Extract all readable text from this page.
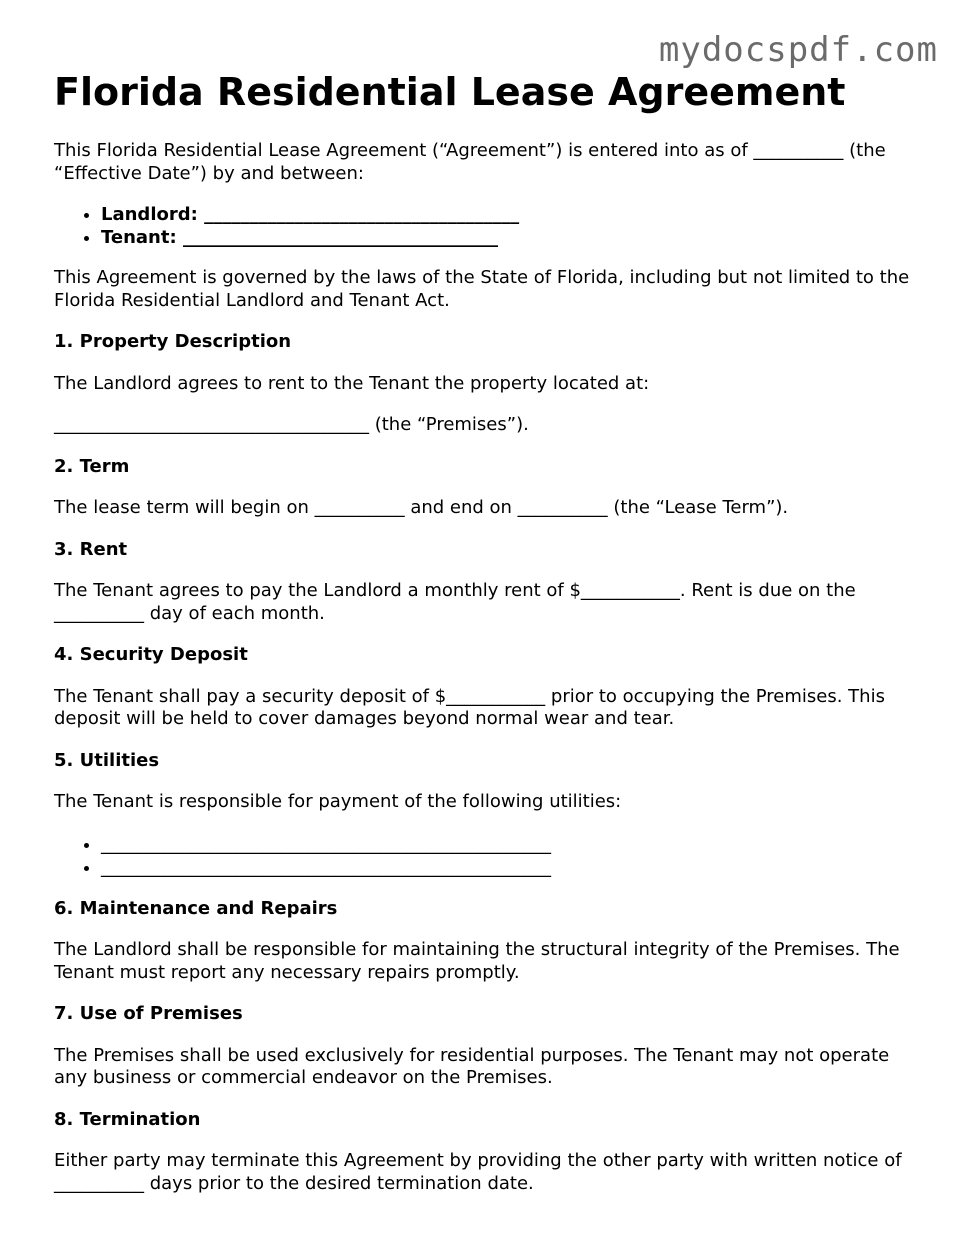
mydocspdf.com
Florida Residential Lease Agreement

This Florida Residential Lease Agreement (“Agreement”) is entered into as of __________ (the “Effective Date”) by and between:

• Landlord: ___________________________________
• Tenant: ___________________________________

This Agreement is governed by the laws of the State of Florida, including but not limited to the Florida Residential Landlord and Tenant Act.

1. Property Description

The Landlord agrees to rent to the Tenant the property located at:

___________________________________ (the “Premises”).

2. Term

The lease term will begin on __________ and end on __________ (the “Lease Term”).

3. Rent

The Tenant agrees to pay the Landlord a monthly rent of $___________. Rent is due on the __________ day of each month.

4. Security Deposit

The Tenant shall pay a security deposit of $___________ prior to occupying the Premises. This deposit will be held to cover damages beyond normal wear and tear.

5. Utilities

The Tenant is responsible for payment of the following utilities:

• __________________________________________________
• __________________________________________________
6. Maintenance and Repairs

The Landlord shall be responsible for maintaining the structural integrity of the Premises. The Tenant must report any necessary repairs promptly.

7. Use of Premises

The Premises shall be used exclusively for residential purposes. The Tenant may not operate any business or commercial endeavor on the Premises.

8. Termination

Either party may terminate this Agreement by providing the other party with written notice of __________ days prior to the desired termination date.
